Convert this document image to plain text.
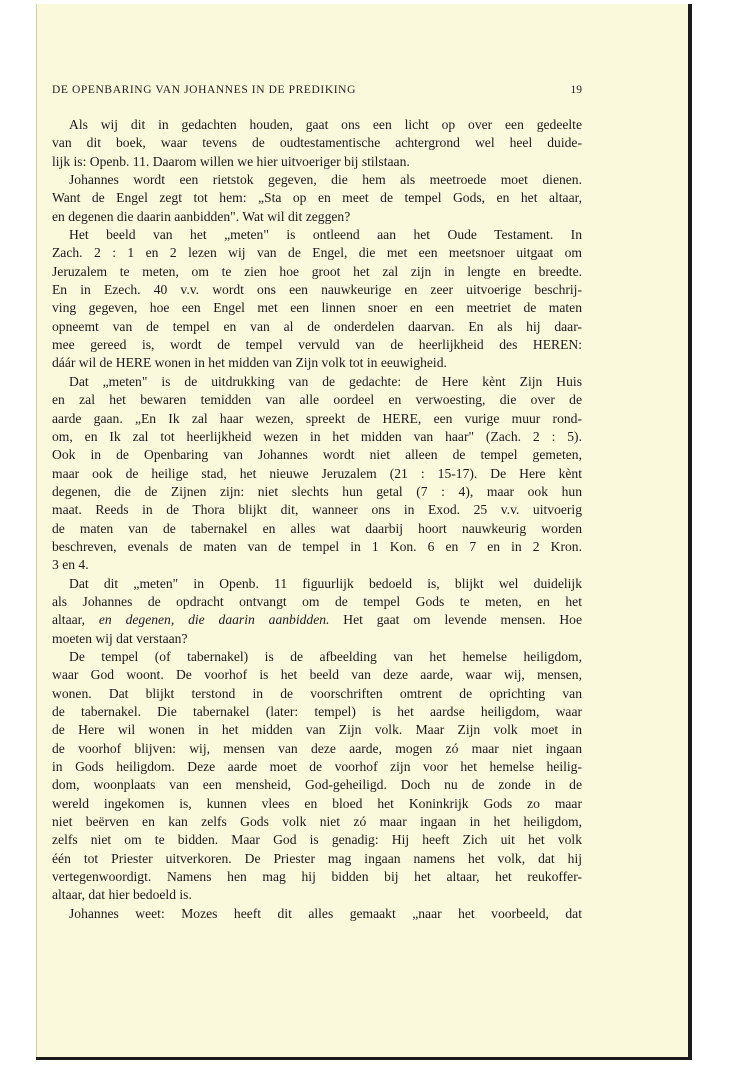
DE OPENBARING VAN JOHANNES IN DE PREDIKING	19
Als wij dit in gedachten houden, gaat ons een licht op over een gedeelte
van dit boek, waar tevens de oudtestamentische achtergrond wel heel duide-
lijk is: Openb. 11. Daarom willen we hier uitvoeriger bij stilstaan.
Johannes wordt een rietstok gegeven, die hem als meetroede moet dienen.
Want de Engel zegt tot hem: „Sta op en meet de tempel Gods, en het altaar,
en degenen die daarin aanbidden". Wat wil dit zeggen?
Het beeld van het „meten" is ontleend aan het Oude Testament. In
Zach. 2 : 1 en 2 lezen wij van de Engel, die met een meetsnoer uitgaat om
Jeruzalem te meten, om te zien hoe groot het zal zijn in lengte en breedte.
En in Ezech. 40 v.v. wordt ons een nauwkeurige en zeer uitvoerige beschrij-
ving gegeven, hoe een Engel met een linnen snoer en een meetriet de maten
opneemt van de tempel en van al de onderdelen daarvan. En als hij daar-
mee gereed is, wordt de tempel vervuld van de heerlijkheid des HEREN:
dáár wil de HERE wonen in het midden van Zijn volk tot in eeuwigheid.
Dat „meten" is de uitdrukking van de gedachte: de Here kènt Zijn Huis
en zal het bewaren temidden van alle oordeel en verwoesting, die over de
aarde gaan. „En Ik zal haar wezen, spreekt de HERE, een vurige muur rond-
om, en Ik zal tot heerlijkheid wezen in het midden van haar" (Zach. 2 : 5).
Ook in de Openbaring van Johannes wordt niet alleen de tempel gemeten,
maar ook de heilige stad, het nieuwe Jeruzalem (21 : 15-17). De Here kènt
degenen, die de Zijnen zijn: niet slechts hun getal (7 : 4), maar ook hun
maat. Reeds in de Thora blijkt dit, wanneer ons in Exod. 25 v.v. uitvoerig
de maten van de tabernakel en alles wat daarbij hoort nauwkeurig worden
beschreven, evenals de maten van de tempel in 1 Kon. 6 en 7 en in 2 Kron.
3 en 4.
Dat dit „meten" in Openb. 11 figuurlijk bedoeld is, blijkt wel duidelijk
als Johannes de opdracht ontvangt om de tempel Gods te meten, en het
altaar, en degenen, die daarin aanbidden. Het gaat om levende mensen. Hoe
moeten wij dat verstaan?
De tempel (of tabernakel) is de afbeelding van het hemelse heiligdom,
waar God woont. De voorhof is het beeld van deze aarde, waar wij, mensen,
wonen. Dat blijkt terstond in de voorschriften omtrent de oprichting van
de tabernakel. Die tabernakel (later: tempel) is het aardse heiligdom, waar
de Here wil wonen in het midden van Zijn volk. Maar Zijn volk moet in
de voorhof blijven: wij, mensen van deze aarde, mogen zó maar niet ingaan
in Gods heiligdom. Deze aarde moet de voorhof zijn voor het hemelse heilig-
dom, woonplaats van een mensheid, God-geheiligd. Doch nu de zonde in de
wereld ingekomen is, kunnen vlees en bloed het Koninkrijk Gods zo maar
niet beërven en kan zelfs Gods volk niet zó maar ingaan in het heiligdom,
zelfs niet om te bidden. Maar God is genadig: Hij heeft Zich uit het volk
één tot Priester uitverkoren. De Priester mag ingaan namens het volk, dat hij
vertegenwoordigt. Namens hen mag hij bidden bij het altaar, het reukoffer-
altaar, dat hier bedoeld is.
Johannes weet: Mozes heeft dit alles gemaakt „naar het voorbeeld, dat
